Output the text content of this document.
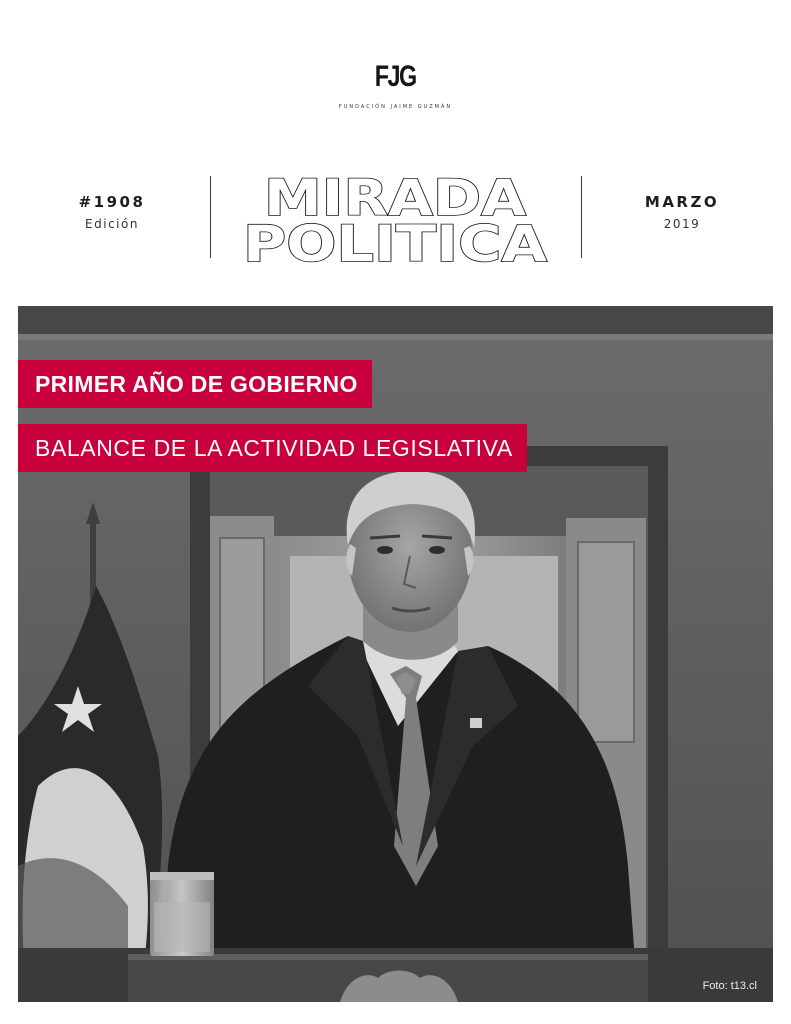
FJG
FUNDACIÓN JAIME GUZMÁN
#1908
Edición	MIRADA
POLITICA
MARZO
2019
PRIMER AÑO DE GOBIERNO
BALANCE DE LA ACTIVIDAD LEGISLATIVA
Foto: t13.cl
